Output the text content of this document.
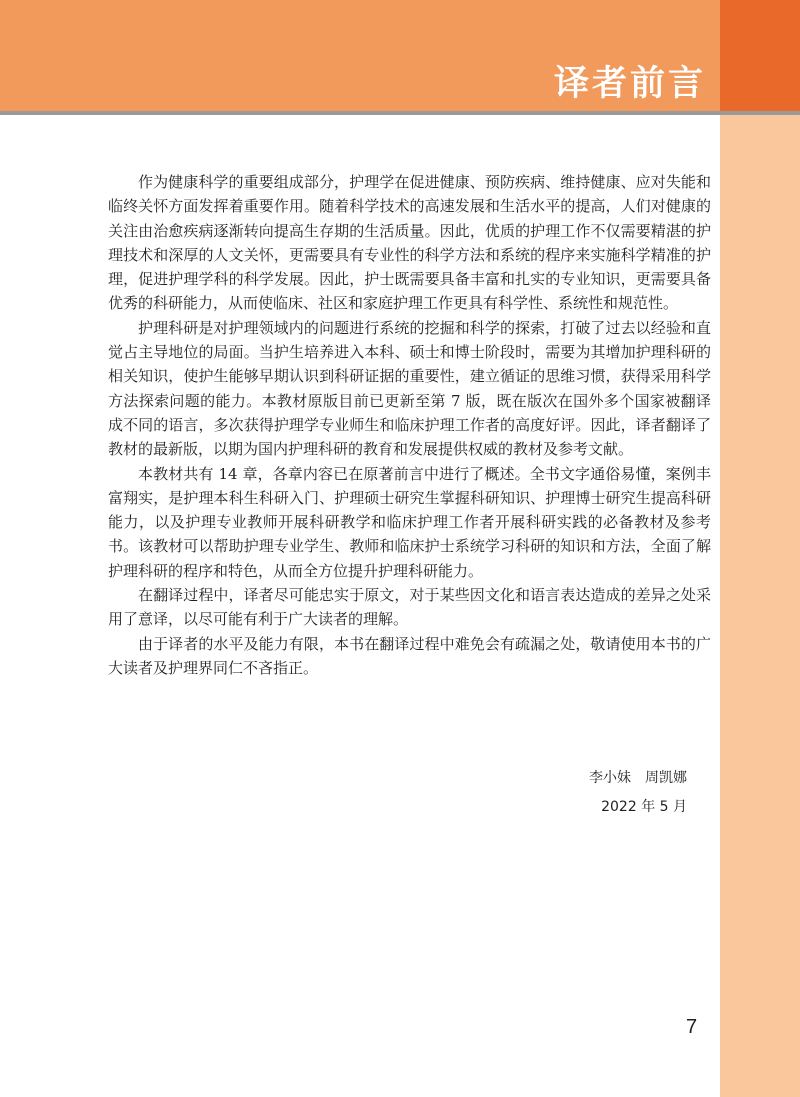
译者前言

作为健康科学的重要组成部分，护理学在促进健康、预防疾病、维持健康、应对失能和临终关怀方面发挥着重要作用。随着科学技术的高速发展和生活水平的提高，人们对健康的关注由治愈疾病逐渐转向提高生存期的生活质量。因此，优质的护理工作不仅需要精湛的护理技术和深厚的人文关怀，更需要具有专业性的科学方法和系统的程序来实施科学精准的护理，促进护理学科的科学发展。因此，护士既需要具备丰富和扎实的专业知识，更需要具备优秀的科研能力，从而使临床、社区和家庭护理工作更具有科学性、系统性和规范性。

护理科研是对护理领域内的问题进行系统的挖掘和科学的探索，打破了过去以经验和直觉占主导地位的局面。当护生培养进入本科、硕士和博士阶段时，需要为其增加护理科研的相关知识，使护生能够早期认识到科研证据的重要性，建立循证的思维习惯，获得采用科学方法探索问题的能力。本教材原版目前已更新至第 7 版，既在版次在国外多个国家被翻译成不同的语言，多次获得护理学专业师生和临床护理工作者的高度好评。因此，译者翻译了教材的最新版，以期为国内护理科研的教育和发展提供权威的教材及参考文献。

本教材共有 14 章，各章内容已在原著前言中进行了概述。全书文字通俗易懂，案例丰富翔实，是护理本科生科研入门、护理硕士研究生掌握科研知识、护理博士研究生提高科研能力，以及护理专业教师开展科研教学和临床护理工作者开展科研实践的必备教材及参考书。该教材可以帮助护理专业学生、教师和临床护士系统学习科研的知识和方法，全面了解护理科研的程序和特色，从而全方位提升护理科研能力。

在翻译过程中，译者尽可能忠实于原文，对于某些因文化和语言表达造成的差异之处采用了意译，以尽可能有利于广大读者的理解。

由于译者的水平及能力有限，本书在翻译过程中难免会有疏漏之处，敬请使用本书的广大读者及护理界同仁不吝指正。

李小妹　周凯娜
2022 年 5 月
7
